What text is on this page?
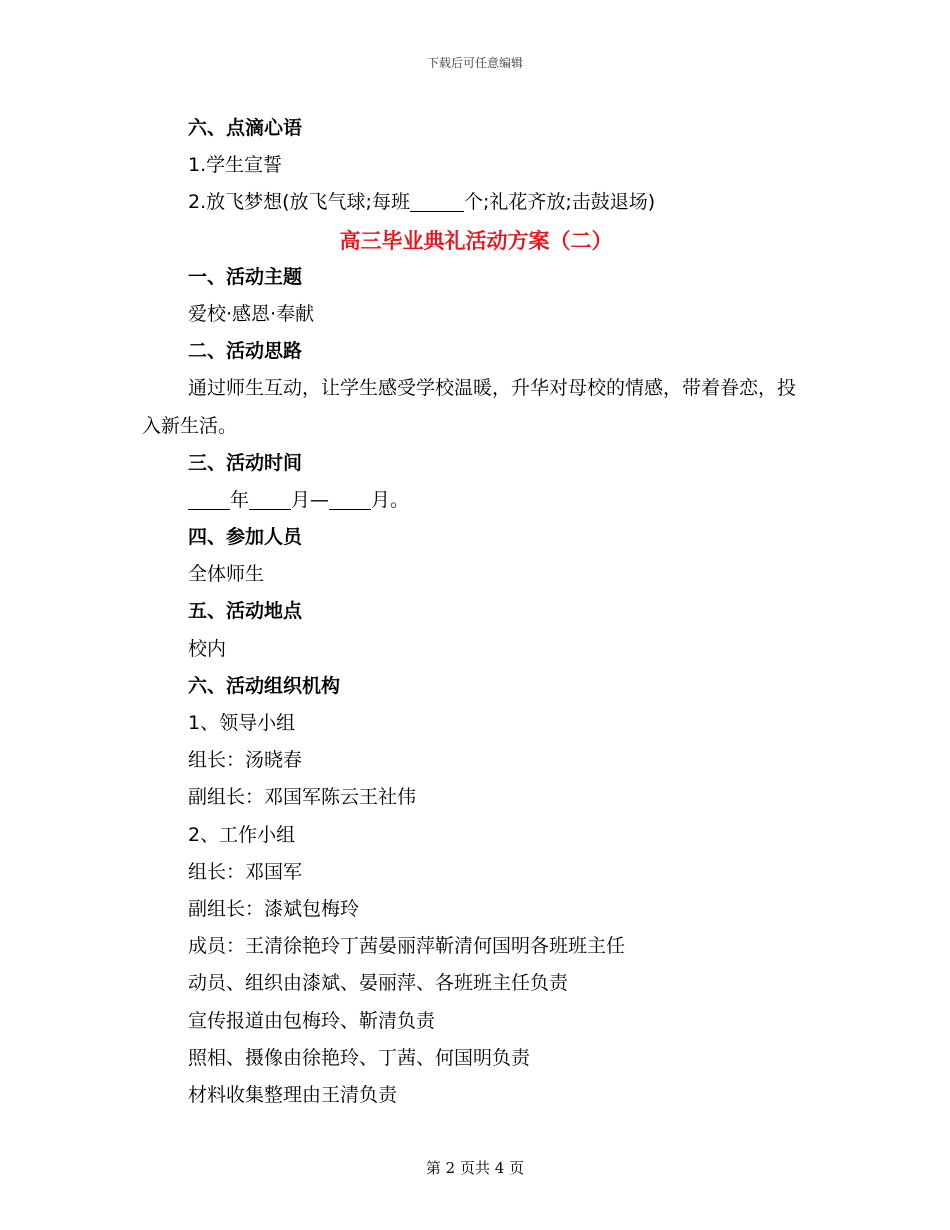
下载后可任意编辑
六、点滴心语
1.学生宣誓
2.放飞梦想(放飞气球;每班	个;礼花齐放;击鼓退场)
高三毕业典礼活动方案（二）
一、活动主题
爱校·感恩·奉献
二、活动思路
通过师生互动，让学生感受学校温暖，升华对母校的情感，带着眷恋，投入新生活。
三、活动时间
年 月— 月。
四、参加人员
全体师生
五、活动地点
校内
六、活动组织机构
1、领导小组
组长：汤晓春
副组长：邓国军陈云王社伟
2、工作小组
组长：邓国军
副组长：漆斌包梅玲
成员：王清徐艳玲丁茜晏丽萍靳清何国明各班班主任
动员、组织由漆斌、晏丽萍、各班班主任负责
宣传报道由包梅玲、靳清负责
照相、摄像由徐艳玲、丁茜、何国明负责
材料收集整理由王清负责
第 2 页共 4 页
